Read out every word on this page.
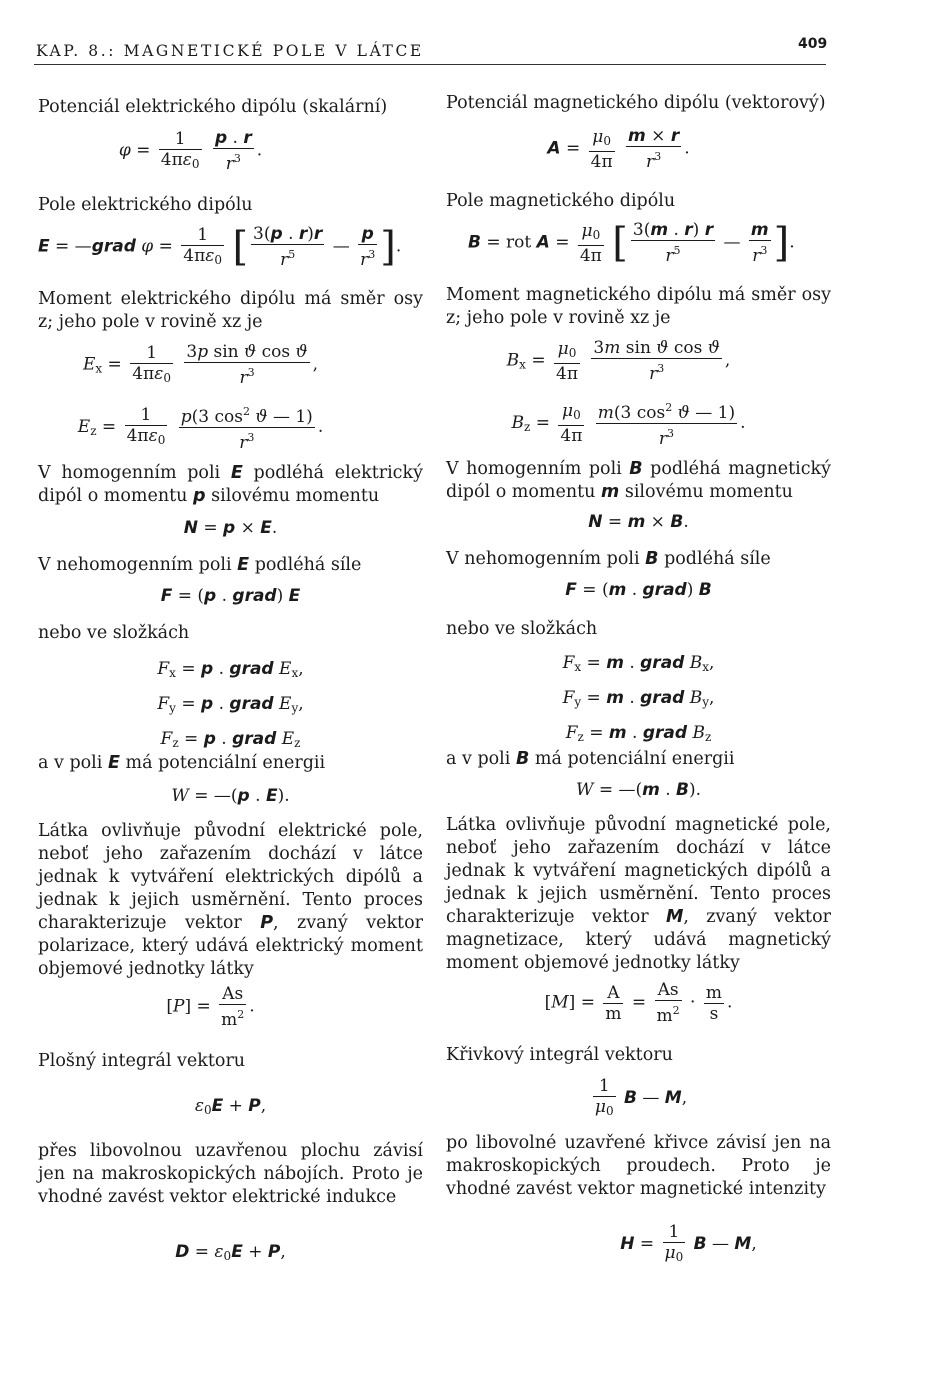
KAP. 8.: MAGNETICKÉ POLE V LÁTCE	409

Potenciál elektrického dipólu (skalární)

$\varphi = \frac{1}{4\pi\varepsilon_0}$
$\frac{p . r}{r^3}$ .

Pole elektrického dipólu

E = —grad $\varphi = \frac{1}{4\pi\varepsilon_0}$ [ $\frac{3(p . r)r}{r^5}$ — $\frac{p}{r^3}$ ].

Moment elektrického dipólu má směr osy z; jeho pole v rovině xz je

$E_x = \frac{1}{4\pi\varepsilon_0}$
$\frac{\text{3p sin ϑ cos ϑ}}{r^3}$ ,
$E_z = \frac{1}{4\pi\varepsilon_0}$
$\frac{p(3 \cos^2 ϑ — 1)}{r^3}$ .

V homogenním poli E podléhá elektrický dipól o momentu p silovému momentu

N = p × E.

V nehomogenním poli E podléhá síle

F = (p . grad) E

nebo ve složkách

$F_x = p$ . grad $E_x$,
$F_y = p$ . grad $E_y$,
$F_z = p$ . grad $E_z$

a v poli E má potenciální energii

W = —(p . E).

Látka ovlivňuje původní elektrické pole, neboť jeho zařazením dochází v látce jednak k vytváření elektrických dipólů a jednak k jejich usměrnění. Tento proces charakterizuje vektor P, zvaný vektor polarizace, který udává elektrický moment objemové jednotky látky

$[P] = \frac{As}{m^2}$ .

Plošný integrál vektoru

$\varepsilon_0E + P$,

přes libovolnou uzavřenou plochu závisí jen na makroskopických nábojích. Proto je vhodné zavést vektor elektrické indukce

$D = \varepsilon_0E + P$,

Potenciál magnetického dipólu (vektorový)

$A = \frac{\mu_0}{4\pi}$
$\frac{m \times r}{r^3}$ .

Pole magnetického dipólu

B = rot $A = \frac{\mu_0}{4\pi}$ [ $\frac{3(m . r) r}{r^5}$ — $\frac{m}{r^3}$ ].

Moment magnetického dipólu má směr osy z; jeho pole v rovině xz je

$B_x = \frac{\mu_0}{4\pi}$
$\frac{\text{3m sin ϑ cos ϑ}}{r^3}$ ,
$B_z = \frac{\mu_0}{4\pi}$
$\frac{m(3 \cos^2 ϑ — 1)}{r^3}$ .

V homogenním poli B podléhá magnetický dipól o momentu m silovému momentu

N = m × B.

V nehomogenním poli B podléhá síle

F = (m . grad) B

nebo ve složkách

$F_x = m$ . grad $B_x$,
$F_y = m$ . grad $B_y$,
$F_z = m$ . grad $B_z$

a v poli B má potenciální energii

W = —(m . B).

Látka ovlivňuje původní magnetické pole, neboť jeho zařazením dochází v látce jednak k vytváření magnetických dipólů a jednak k jejich usměrnění. Tento proces charakterizuje vektor M, zvaný vektor magnetizace, který udává magnetický moment objemové jednotky látky

$[M] = \frac{A}{m} = \frac{As}{m^2} \cdot \frac{m}{s}$ .

Křivkový integrál vektoru

$\frac{1}{\mu_0}$ B — M,

po libovolné uzavřené křivce závisí jen na makroskopických proudech. Proto je vhodné zavést vektor magnetické intenzity

$H = \frac{1}{\mu_0}$ B — M,
